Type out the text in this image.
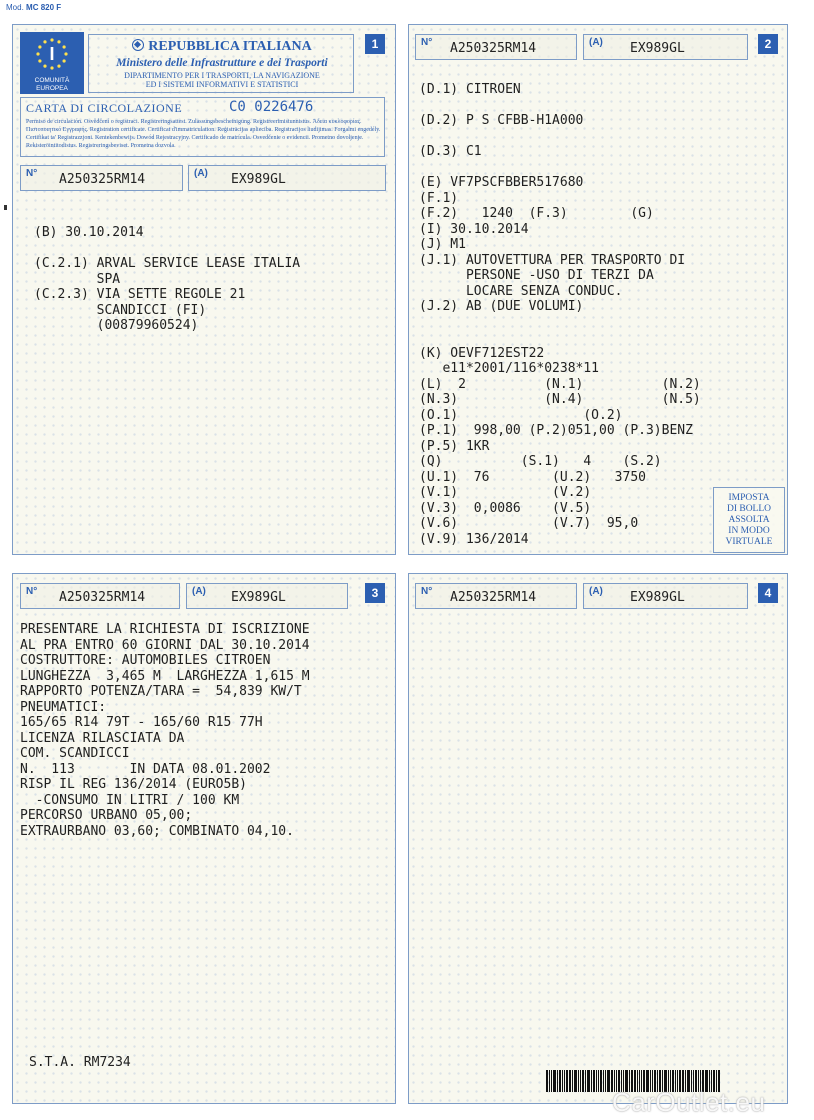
Mod. MC 820 F
I
COMUNITÀ
EUROPEA
REPUBBLICA ITALIANA
Ministero delle Infrastrutture e dei Trasporti
DIPARTIMENTO PER I TRASPORTI, LA NAVIGAZIONE
ED I SISTEMI INFORMATIVI E STATISTICI
1
CARTA DI CIRCOLAZIONE	C0 0226476
Permiso de circulación. Osvědčení o registraci. Registreringsattest. Zulassungsbescheinigung. Registreerimistunnistus. Άδεια κυκλοφορίας. Πιστοποιητικό Εγγραφής. Registration certificate. Certificat d'immatriculation. Reģistrācijas apliecība. Registracijos liudijimas. Forgalmi engedély. Certifikat ta' Registrazzjoni. Kentekenbewijs. Dowód Rejestracyjny. Certificado de matrícula. Osvedčenie o evidencii. Prometno dovoljenje. Rekisteröintitodistus. Registreringsbeviset. Prometna dozvola.
N° A250325RM14	(A) EX989GL
(B) 30.10.2014

(C.2.1) ARVAL SERVICE LEASE ITALIA
SPA
(C.2.3) VIA SETTE REGOLE 21
SCANDICCI (FI)
(00879960524)
N° A250325RM14	(A) EX989GL	2
(D.1) CITROEN

(D.2) P S CFBB-H1A000

(D.3) C1

(E) VF7PSCFBBER517680
(F.1)
(F.2)   1240  (F.3)        (G)
(I) 30.10.2014
(J) M1
(J.1) AUTOVETTURA PER TRASPORTO DI
PERSONE -USO DI TERZI DA
LOCARE SENZA CONDUC.
(J.2) AB (DUE VOLUMI)

(K) OEVF712EST22
e11*2001/116*0238*11
(L)  2          (N.1)          (N.2)
(N.3)           (N.4)          (N.5)
(O.1)                (O.2)
(P.1)  998,00 (P.2)051,00 (P.3)BENZ
(P.5) 1KR
(Q)          (S.1)   4    (S.2)
(U.1)  76        (U.2)   3750
(V.1)            (V.2)
(V.3)  0,0086    (V.5)
(V.6)            (V.7)  95,0
(V.9) 136/2014
IMPOSTA
DI BOLLO
ASSOLTA
IN MODO
VIRTUALE
N° A250325RM14	(A) EX989GL	3
PRESENTARE LA RICHIESTA DI ISCRIZIONE
AL PRA ENTRO 60 GIORNI DAL 30.10.2014
COSTRUTTORE: AUTOMOBILES CITROEN
LUNGHEZZA  3,465 M  LARGHEZZA 1,615 M
RAPPORTO POTENZA/TARA =  54,839 KW/T
PNEUMATICI:
165/65 R14 79T - 165/60 R15 77H
LICENZA RILASCIATA DA
COM. SCANDICCI
N.  113       IN DATA 08.01.2002
RISP IL REG 136/2014 (EURO5B)
-CONSUMO IN LITRI / 100 KM
PERCORSO URBANO 05,00;
EXTRAURBANO 03,60; COMBINATO 04,10.
S.T.A. RM7234
N° A250325RM14	(A) EX989GL	4
CarOutlet.eu
